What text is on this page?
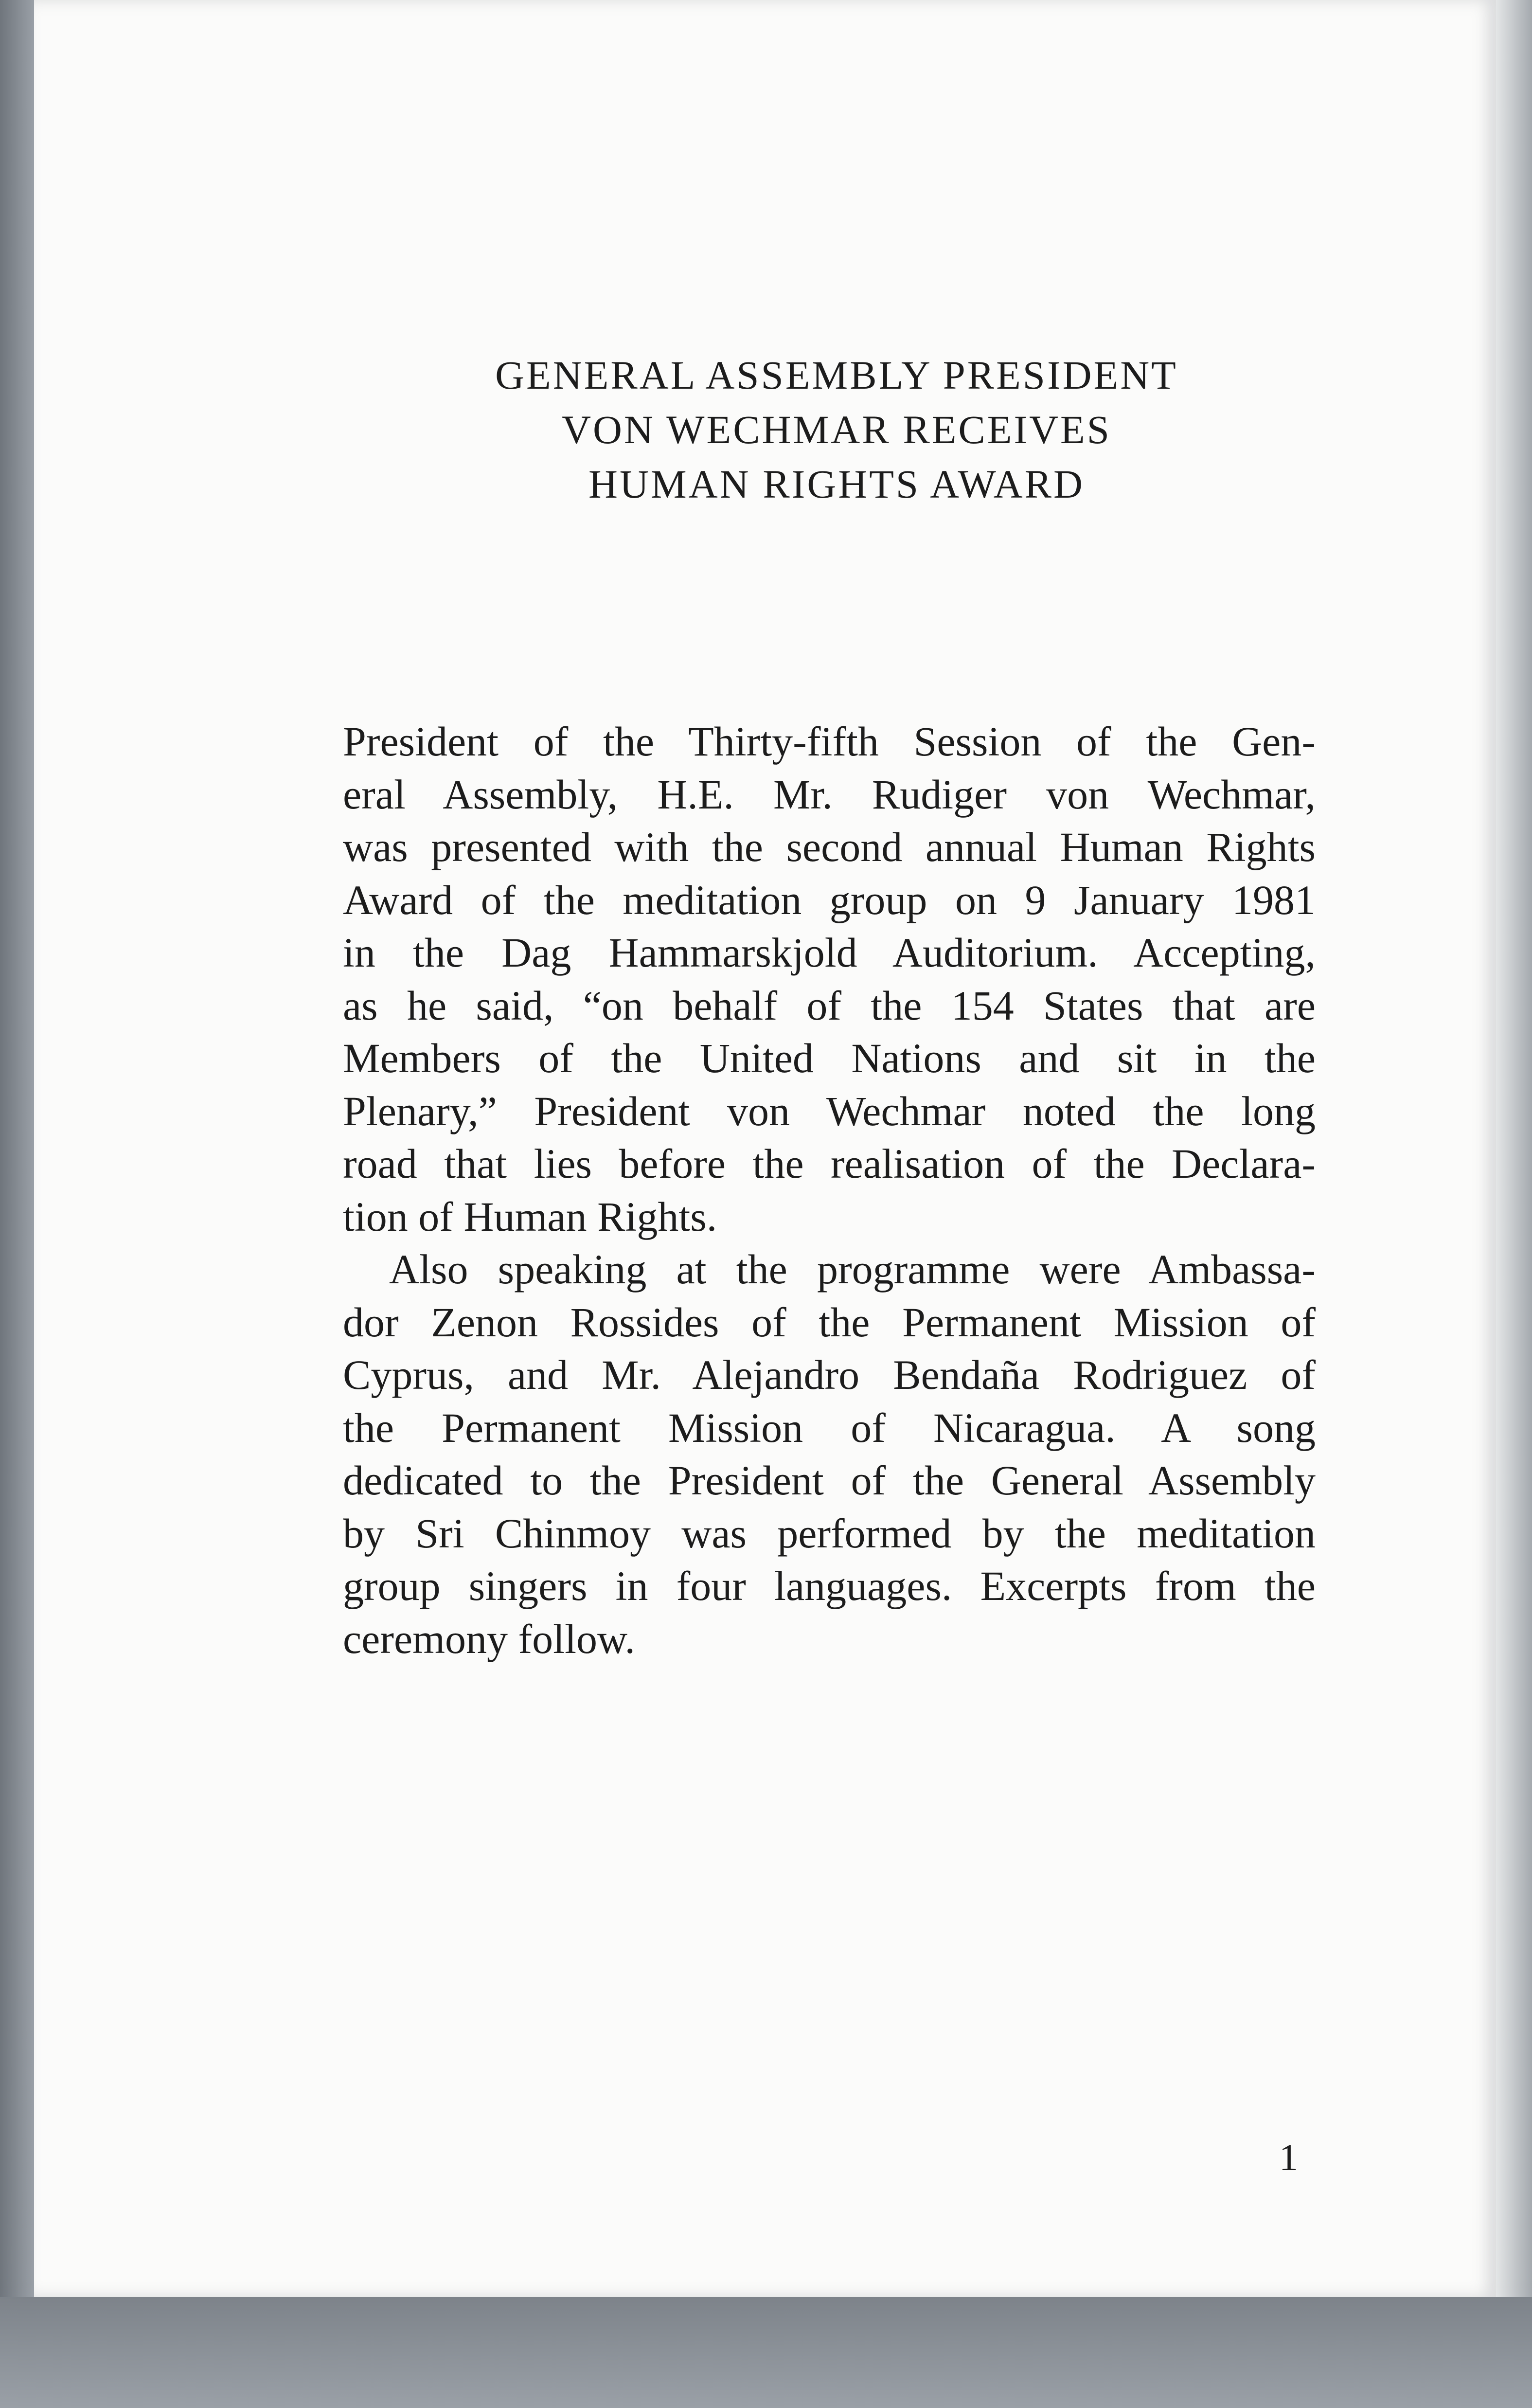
GENERAL ASSEMBLY PRESIDENT
VON WECHMAR RECEIVES
HUMAN RIGHTS AWARD

President of the Thirty-fifth Session of the Gen-
eral Assembly, H.E. Mr. Rudiger von Wechmar,
was presented with the second annual Human Rights
Award of the meditation group on 9 January 1981
in the Dag Hammarskjold Auditorium. Accepting,
as he said, “on behalf of the 154 States that are
Members of the United Nations and sit in the
Plenary,” President von Wechmar noted the long
road that lies before the realisation of the Declara-
tion of Human Rights.

Also speaking at the programme were Ambassa-
dor Zenon Rossides of the Permanent Mission of
Cyprus, and Mr. Alejandro Bendaña Rodriguez of
the Permanent Mission of Nicaragua. A song
dedicated to the President of the General Assembly
by Sri Chinmoy was performed by the meditation
group singers in four languages. Excerpts from the
ceremony follow.

1
